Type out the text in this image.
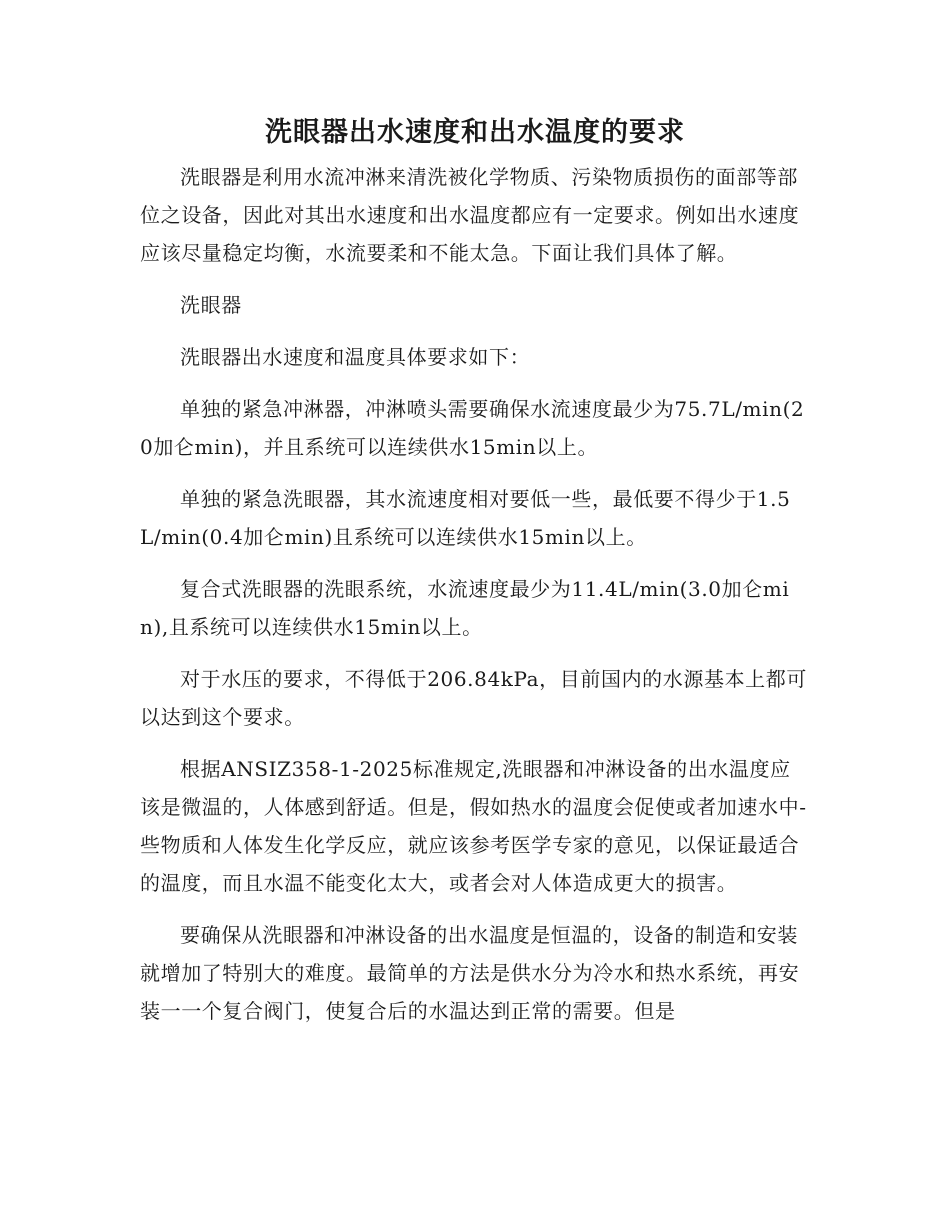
洗眼器出水速度和出水温度的要求

洗眼器是利用水流冲淋来清洗被化学物质、污染物质损伤的面部等部位之设备，因此对其出水速度和出水温度都应有一定要求。例如出水速度应该尽量稳定均衡，水流要柔和不能太急。下面让我们具体了解。

洗眼器

洗眼器出水速度和温度具体要求如下：

单独的紧急冲淋器，冲淋喷头需要确保水流速度最少为75.7L/min(20加仑min)，并且系统可以连续供水15min以上。

单独的紧急洗眼器，其水流速度相对要低一些，最低要不得少于1.5L/min(0.4加仑min)且系统可以连续供水15min以上。

复合式洗眼器的洗眼系统，水流速度最少为11.4L/min(3.0加仑min),且系统可以连续供水15min以上。

对于水压的要求，不得低于206.84kPa，目前国内的水源基本上都可以达到这个要求。

根据ANSIZ358-1-2025标准规定,洗眼器和冲淋设备的出水温度应该是微温的，人体感到舒适。但是，假如热水的温度会促使或者加速水中-些物质和人体发生化学反应，就应该参考医学专家的意见，以保证最适合的温度，而且水温不能变化太大，或者会对人体造成更大的损害。

要确保从洗眼器和冲淋设备的出水温度是恒温的，设备的制造和安装就增加了特别大的难度。最简单的方法是供水分为冷水和热水系统，再安装一一个复合阀门，使复合后的水温达到正常的需要。但是
